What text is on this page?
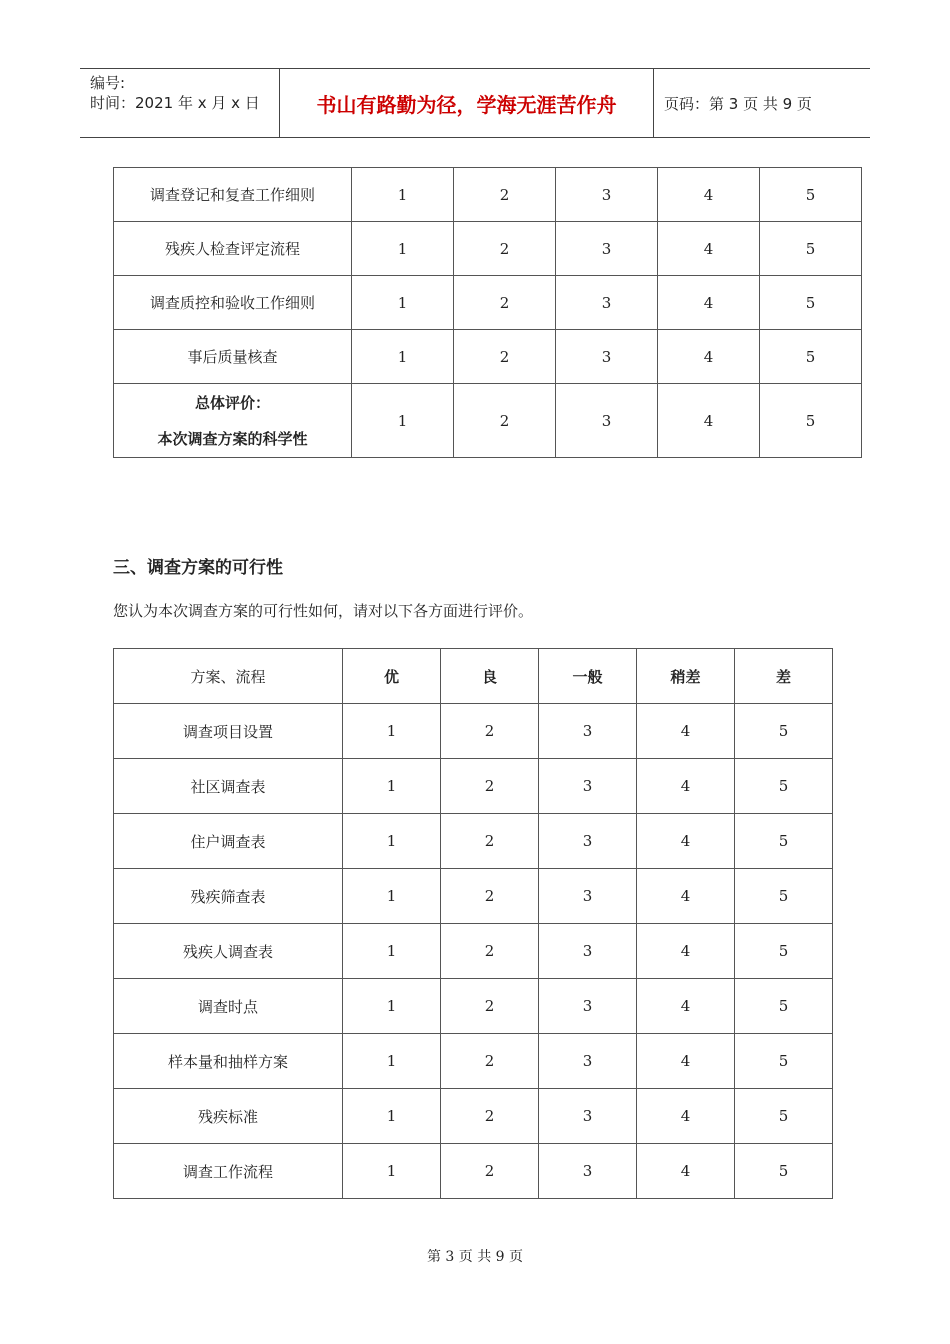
编号:
时间：2021 年 x 月 x 日	书山有路勤为径，学海无涯苦作舟	页码：第 3 页 共 9 页
调查登记和复查工作细则	1	2	3	4	5
残疾人检查评定流程	1	2	3	4	5
调查质控和验收工作细则	1	2	3	4	5
事后质量核查	1	2	3	4	5

总体评价：
本次调查方案的科学性	1	2	3	4	5
三、调查方案的可行性
您认为本次调查方案的可行性如何，请对以下各方面进行评价。
方案、流程	优	良	一般	稍差	差
调查项目设置	1	2	3	4	5
社区调查表	1	2	3	4	5
住户调查表	1	2	3	4	5
残疾筛查表	1	2	3	4	5
残疾人调查表	1	2	3	4	5
调查时点	1	2	3	4	5
样本量和抽样方案	1	2	3	4	5
残疾标准	1	2	3	4	5
调查工作流程	1	2	3	4	5
第 3 页 共 9 页
